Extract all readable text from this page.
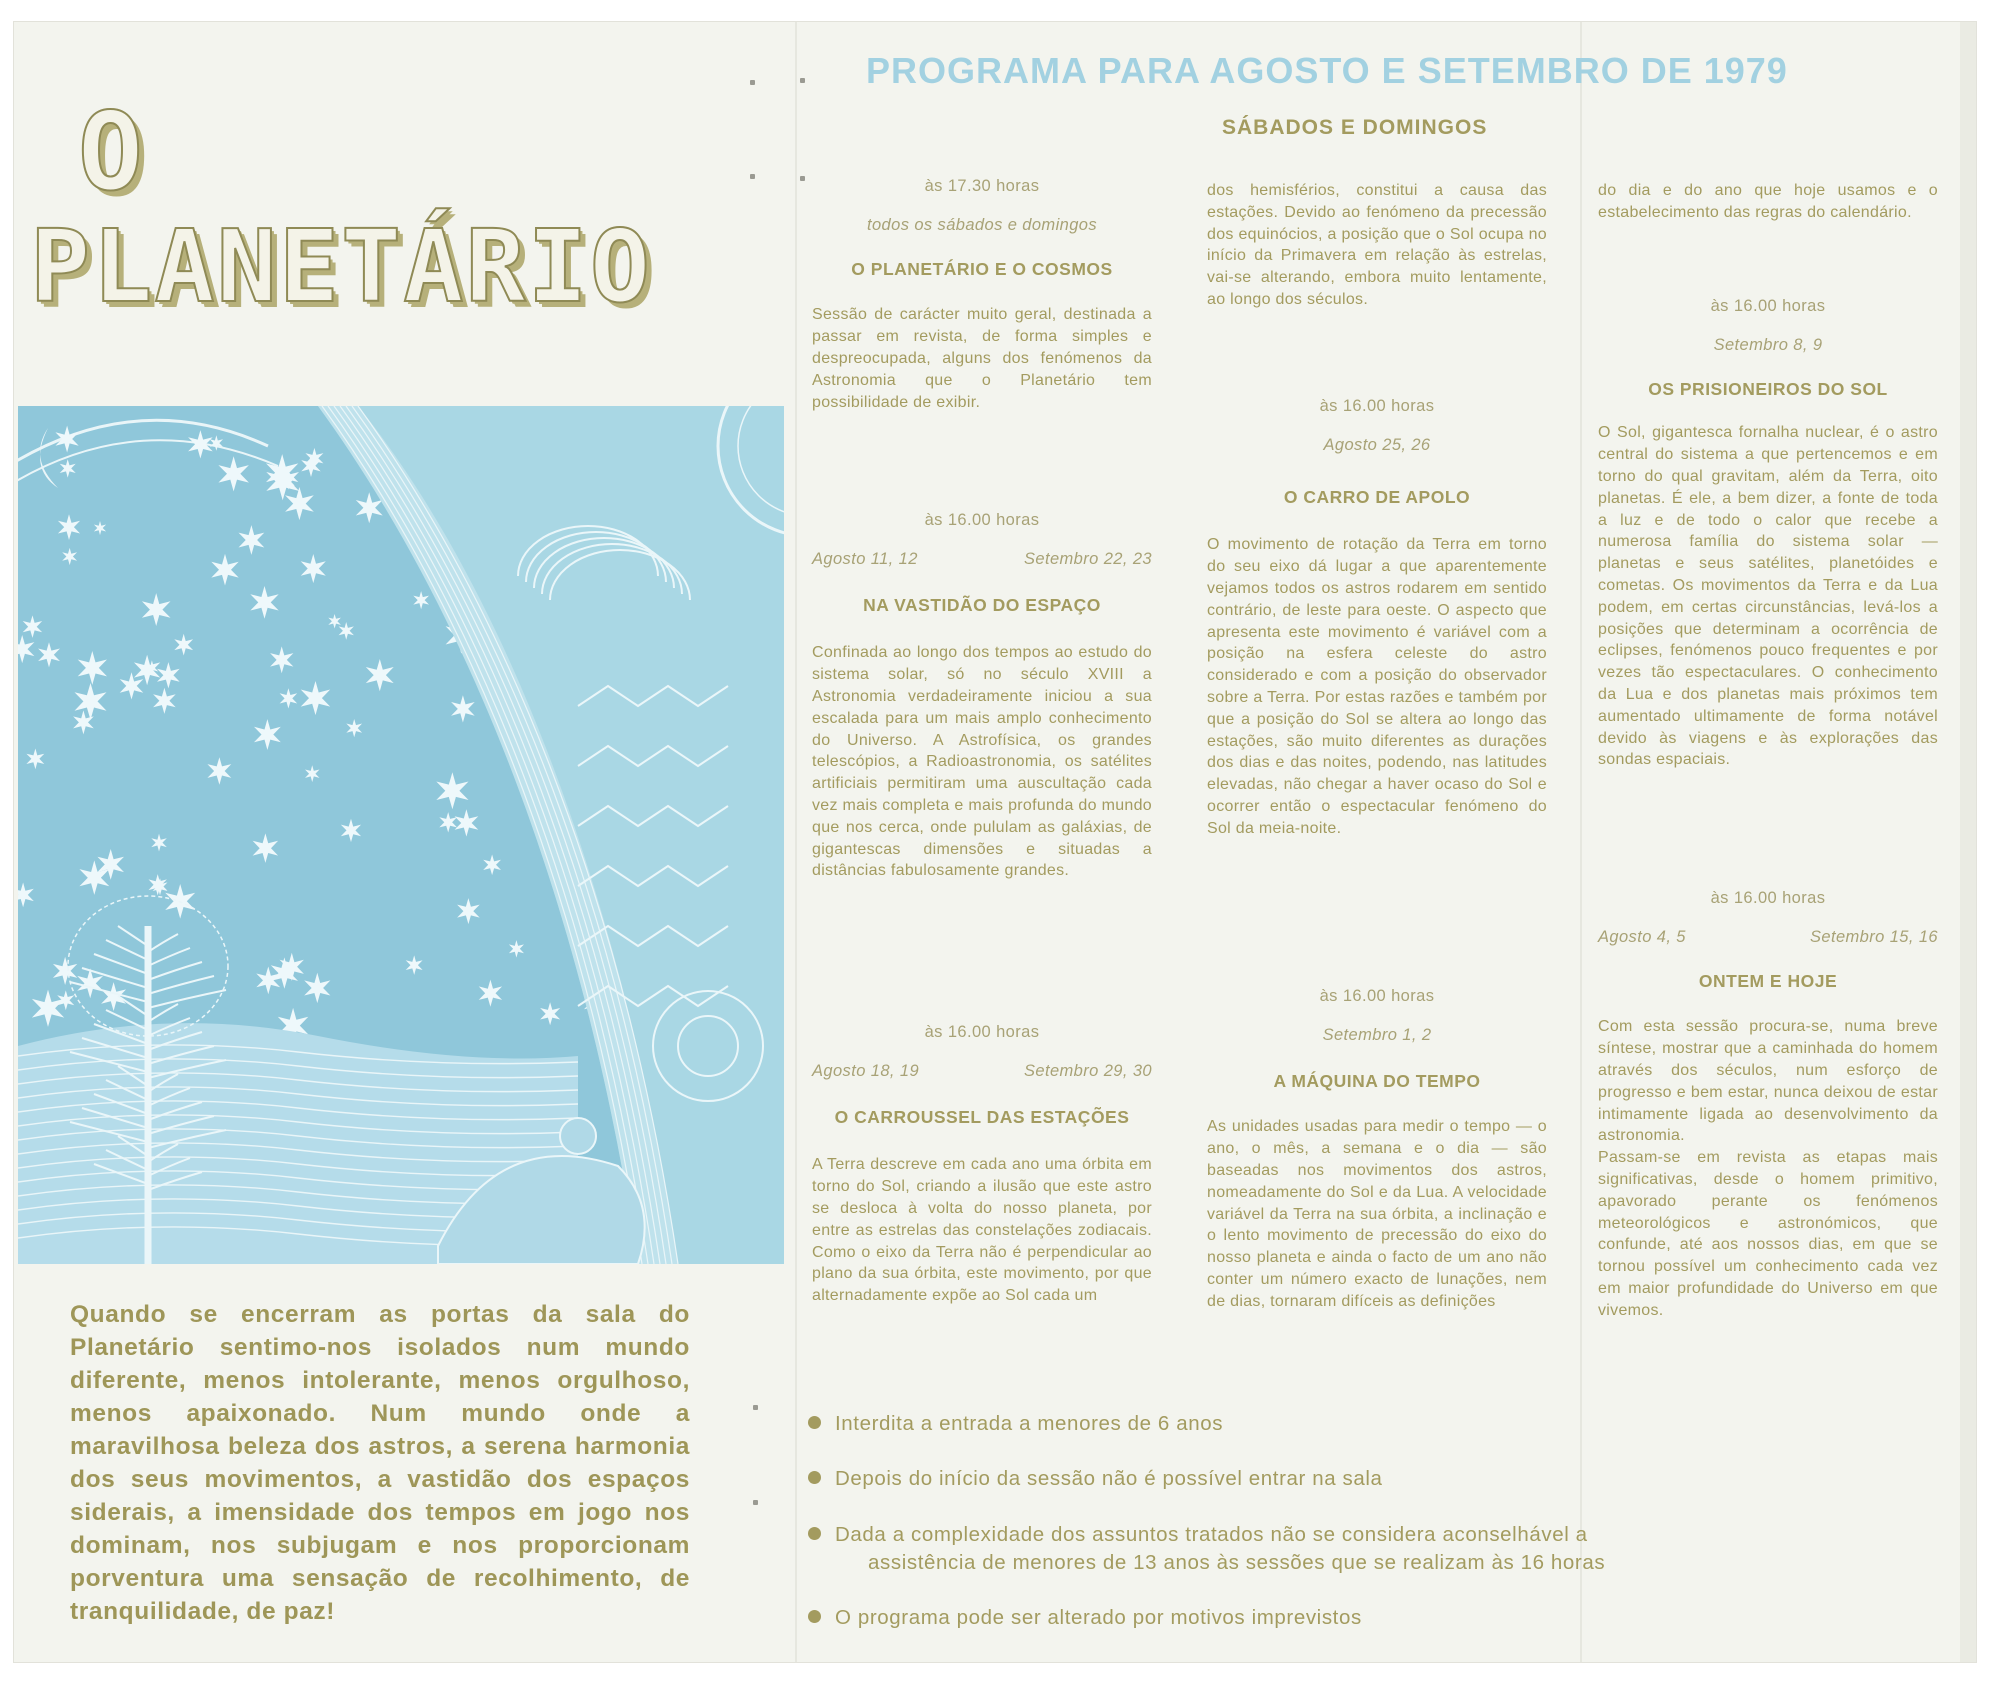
O
PLANETÁRIO
Quando se encerram as portas da sala do Planetário sentimo-nos isolados num mundo diferente, menos intolerante, menos orgulhoso, menos apaixonado. Num mundo onde a maravilhosa beleza dos astros, a serena harmonia dos seus movimentos, a vastidão dos espaços siderais, a imensidade dos tempos em jogo nos dominam, nos subjugam e nos proporcionam porventura uma sensação de recolhimento, de tranquilidade, de paz!
PROGRAMA PARA AGOSTO E SETEMBRO DE 1979
SÁBADOS E DOMINGOS
às 17.30 horas
todos os sábados e domingos
O PLANETÁRIO E O COSMOS

Sessão de carácter muito geral, destinada a passar em revista, de forma simples e despreocupada, alguns dos fenómenos da Astronomia que o Planetário tem possibilidade de exibir.

às 16.00 horas
Agosto 11, 12	Setembro 22, 23
NA VASTIDÃO DO ESPAÇO

Confinada ao longo dos tempos ao estudo do sistema solar, só no século XVIII a Astronomia verdadeiramente iniciou a sua escalada para um mais amplo conhecimento do Universo. A Astrofísica, os grandes telescópios, a Radioastronomia, os satélites artificiais permitiram uma auscultação cada vez mais completa e mais profunda do mundo que nos cerca, onde pululam as galáxias, de gigantescas dimensões e situadas a distâncias fabulosamente grandes.

às 16.00 horas
Agosto 18, 19	Setembro 29, 30
O CARROUSSEL DAS ESTAÇÕES

A Terra descreve em cada ano uma órbita em torno do Sol, criando a ilusão que este astro se desloca à volta do nosso planeta, por entre as estrelas das constelações zodiacais. Como o eixo da Terra não é perpendicular ao plano da sua órbita, este movimento, por que alternadamente expõe ao Sol cada um

dos hemisférios, constitui a causa das estações. Devido ao fenómeno da precessão dos equinócios, a posição que o Sol ocupa no início da Primavera em relação às estrelas, vai-se alterando, embora muito lentamente, ao longo dos séculos.

às 16.00 horas
Agosto 25, 26
O CARRO DE APOLO

O movimento de rotação da Terra em torno do seu eixo dá lugar a que aparentemente vejamos todos os astros rodarem em sentido contrário, de leste para oeste. O aspecto que apresenta este movimento é variável com a posição na esfera celeste do astro considerado e com a posição do observador sobre a Terra. Por estas razões e também por que a posição do Sol se altera ao longo das estações, são muito diferentes as durações dos dias e das noites, podendo, nas latitudes elevadas, não chegar a haver ocaso do Sol e ocorrer então o espectacular fenómeno do Sol da meia-noite.

às 16.00 horas
Setembro 1, 2
A MÁQUINA DO TEMPO

As unidades usadas para medir o tempo — o ano, o mês, a semana e o dia — são baseadas nos movimentos dos astros, nomeadamente do Sol e da Lua. A velocidade variável da Terra na sua órbita, a inclinação e o lento movimento de precessão do eixo do nosso planeta e ainda o facto de um ano não conter um número exacto de lunações, nem de dias, tornaram difíceis as definições

do dia e do ano que hoje usamos e o estabelecimento das regras do calendário.

às 16.00 horas
Setembro 8, 9
OS PRISIONEIROS DO SOL

O Sol, gigantesca fornalha nuclear, é o astro central do sistema a que pertencemos e em torno do qual gravitam, além da Terra, oito planetas. É ele, a bem dizer, a fonte de toda a luz e de todo o calor que recebe a numerosa família do sistema solar — planetas e seus satélites, planetóides e cometas. Os movimentos da Terra e da Lua podem, em certas circunstâncias, levá-los a posições que determinam a ocorrência de eclipses, fenómenos pouco frequentes e por vezes tão espectaculares. O conhecimento da Lua e dos planetas mais próximos tem aumentado ultimamente de forma notável devido às viagens e às explorações das sondas espaciais.

às 16.00 horas
Agosto 4, 5	Setembro 15, 16
ONTEM E HOJE

Com esta sessão procura-se, numa breve síntese, mostrar que a caminhada do homem através dos séculos, num esforço de progresso e bem estar, nunca deixou de estar intimamente ligada ao desenvolvimento da astronomia.

Passam-se em revista as etapas mais significativas, desde o homem primitivo, apavorado perante os fenómenos meteorológicos e astronómicos, que confunde, até aos nossos dias, em que se tornou possível um conhecimento cada vez em maior profundidade do Universo em que vivemos.

Interdita a entrada a menores de 6 anos
Depois do início da sessão não é possível entrar na sala
Dada a complexidade dos assuntos tratados não se considera aconselhável a
assistência de menores de 13 anos às sessões que se realizam às 16 horas
O programa pode ser alterado por motivos imprevistos
